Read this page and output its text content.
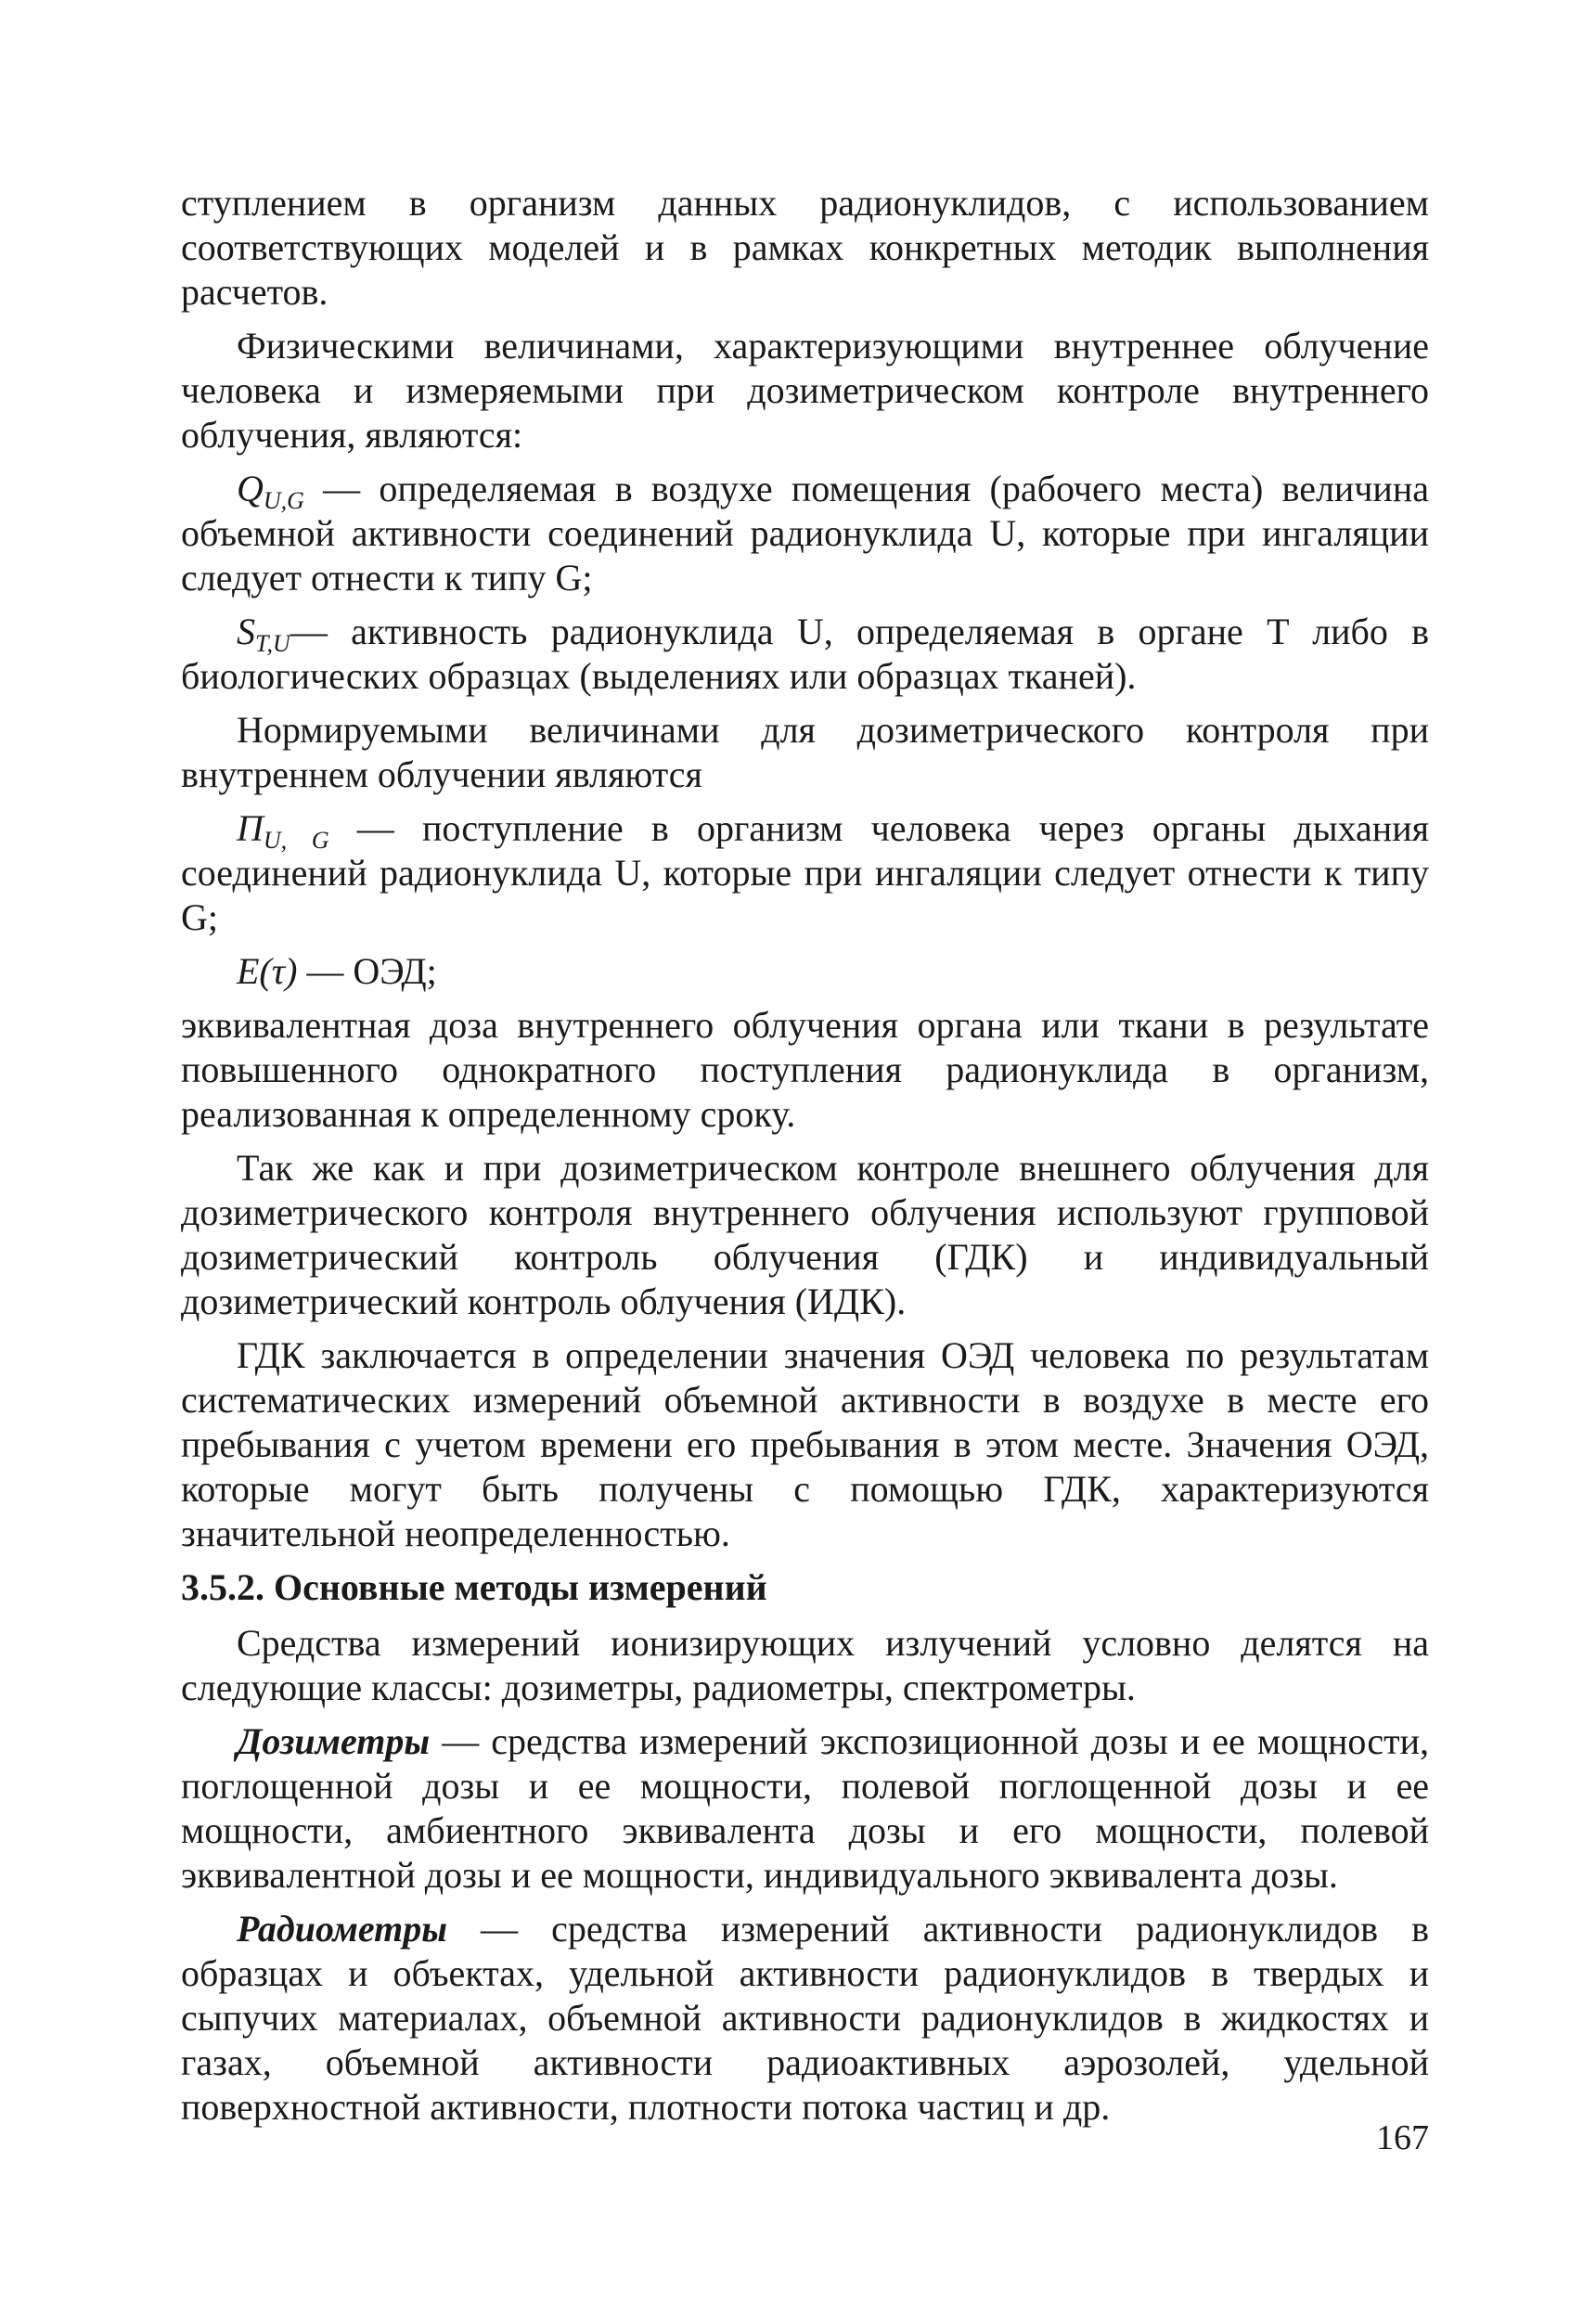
ступлением в организм данных радионуклидов, с использованием соответствующих моделей и в рамках конкретных методик выполнения расчетов.

Физическими величинами, характеризующими внутреннее облучение человека и измеряемыми при дозиметрическом контроле внутреннего облучения, являются:

$Q_{U,G}$ — определяемая в воздухе помещения (рабочего места) величина объемной активности соединений радионуклида U, которые при ингаляции следует отнести к типу G;

$S_{T,U}—$ активность радионуклида U, определяемая в органе T либо в биологических образцах (выделениях или образцах тканей).

Нормируемыми величинами для дозиметрического контроля при внутреннем облучении являются

$П_{U, G}$ — поступление в организм человека через органы дыхания соединений радионуклида U, которые при ингаляции следует отнести к типу G;

E(τ) — ОЭД;

эквивалентная доза внутреннего облучения органа или ткани в результате повышенного однократного поступления радионуклида в организм, реализованная к определенному сроку.

Так же как и при дозиметрическом контроле внешнего облучения для дозиметрического контроля внутреннего облучения используют групповой дозиметрический контроль облучения (ГДК) и индивидуальный дозиметрический контроль облучения (ИДК).

ГДК заключается в определении значения ОЭД человека по результатам систематических измерений объемной активности в воздухе в месте его пребывания с учетом времени его пребывания в этом месте. Значения ОЭД, которые могут быть получены с помощью ГДК, характеризуются значительной неопределенностью.

3.5.2. Основные методы измерений

Средства измерений ионизирующих излучений условно делятся на следующие классы: дозиметры, радиометры, спектрометры.

Дозиметры — средства измерений экспозиционной дозы и ее мощности, поглощенной дозы и ее мощности, полевой поглощенной дозы и ее мощности, амбиентного эквивалента дозы и его мощности, полевой эквивалентной дозы и ее мощности, индивидуального эквивалента дозы.

Радиометры — средства измерений активности радионуклидов в образцах и объектах, удельной активности радионуклидов в твердых и сыпучих материалах, объемной активности радионуклидов в жидкостях и газах, объемной активности радиоактивных аэрозолей, удельной поверхностной активности, плотности потока частиц и др.

167
